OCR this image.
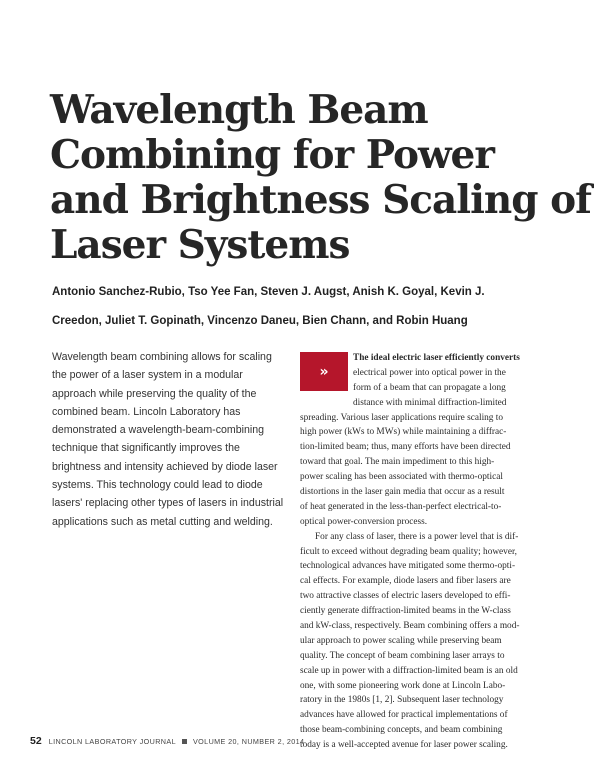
Wavelength Beam
Combining for Power
and Brightness Scaling of
Laser Systems
Antonio Sanchez-Rubio, Tso Yee Fan, Steven J. Augst, Anish K. Goyal, Kevin J.
Creedon, Juliet T. Gopinath, Vincenzo Daneu, Bien Chann, and Robin Huang
Wavelength beam combining allows for scaling
the power of a laser system in a modular
approach while preserving the quality of the
combined beam. Lincoln Laboratory has
demonstrated a wavelength-beam-combining
technique that significantly improves the
brightness and intensity achieved by diode laser
systems. This technology could lead to diode
lasers' replacing other types of lasers in industrial
applications such as metal cutting and welding.
»
The ideal electric laser efficiently converts
electrical power into optical power in the
form of a beam that can propagate a long
distance with minimal diffraction-limited
spreading. Various laser applications require scaling to
high power (kWs to MWs) while maintaining a diffrac-
tion-limited beam; thus, many efforts have been directed
toward that goal. The main impediment to this high-
power scaling has been associated with thermo-optical
distortions in the laser gain media that occur as a result
of heat generated in the less-than-perfect electrical-to-
optical power-conversion process.
For any class of laser, there is a power level that is dif-
ficult to exceed without degrading beam quality; however,
technological advances have mitigated some thermo-opti-
cal effects. For example, diode lasers and fiber lasers are
two attractive classes of electric lasers developed to effi-
ciently generate diffraction-limited beams in the W-class
and kW-class, respectively. Beam combining offers a mod-
ular approach to power scaling while preserving beam
quality. The concept of beam combining laser arrays to
scale up in power with a diffraction-limited beam is an old
one, with some pioneering work done at Lincoln Labo-
ratory in the 1980s [1, 2]. Subsequent laser technology
advances have allowed for practical implementations of
those beam-combining concepts, and beam combining
today is a well-accepted avenue for laser power scaling.
52 LINCOLN LABORATORY JOURNAL VOLUME 20, NUMBER 2, 2014
